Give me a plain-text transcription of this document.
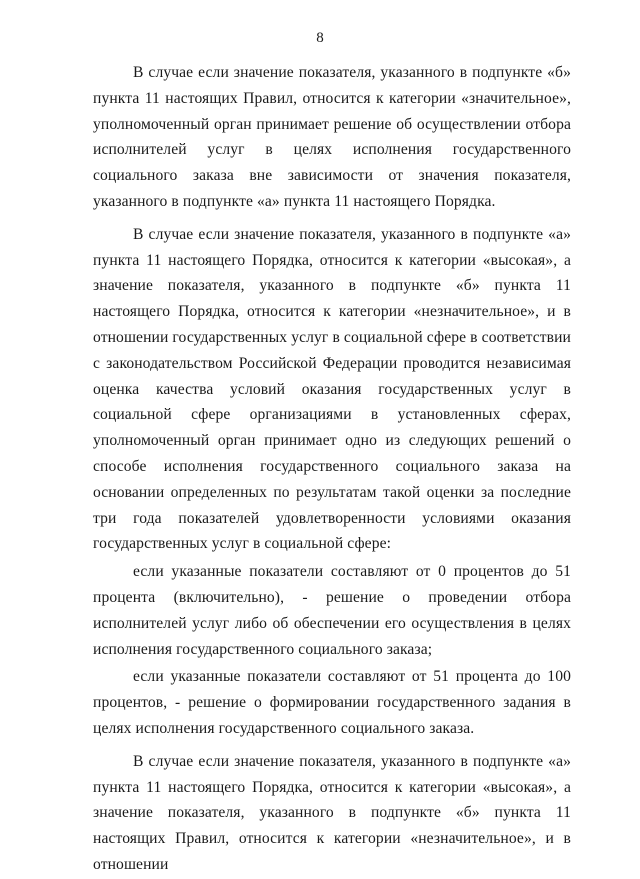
8

В случае если значение показателя, указанного в подпункте «б» пункта 11 настоящих Правил, относится к категории «значительное», уполномоченный орган принимает решение об осуществлении отбора исполнителей услуг в целях исполнения государственного социального заказа вне зависимости от значения показателя, указанного в подпункте «а» пункта 11 настоящего Порядка.

В случае если значение показателя, указанного в подпункте «а» пункта 11 настоящего Порядка, относится к категории «высокая», а значение показателя, указанного в подпункте «б» пункта 11 настоящего Порядка, относится к категории «незначительное», и в отношении государственных услуг в социальной сфере в соответствии с законодательством Российской Федерации проводится независимая оценка качества условий оказания государственных услуг в социальной сфере организациями в установленных сферах, уполномоченный орган принимает одно из следующих решений о способе исполнения государственного социального заказа на основании определенных по результатам такой оценки за последние три года показателей удовлетворенности условиями оказания государственных услуг в социальной сфере:

если указанные показатели составляют от 0 процентов до 51 процента (включительно), - решение о проведении отбора исполнителей услуг либо об обеспечении его осуществления в целях исполнения государственного социального заказа;

если указанные показатели составляют от 51 процента до 100 процентов, - решение о формировании государственного задания в целях исполнения государственного социального заказа.

В случае если значение показателя, указанного в подпункте «а» пункта 11 настоящего Порядка, относится к категории «высокая», а значение показателя, указанного в подпункте «б» пункта 11 настоящих Правил, относится к категории «незначительное», и в отношении
